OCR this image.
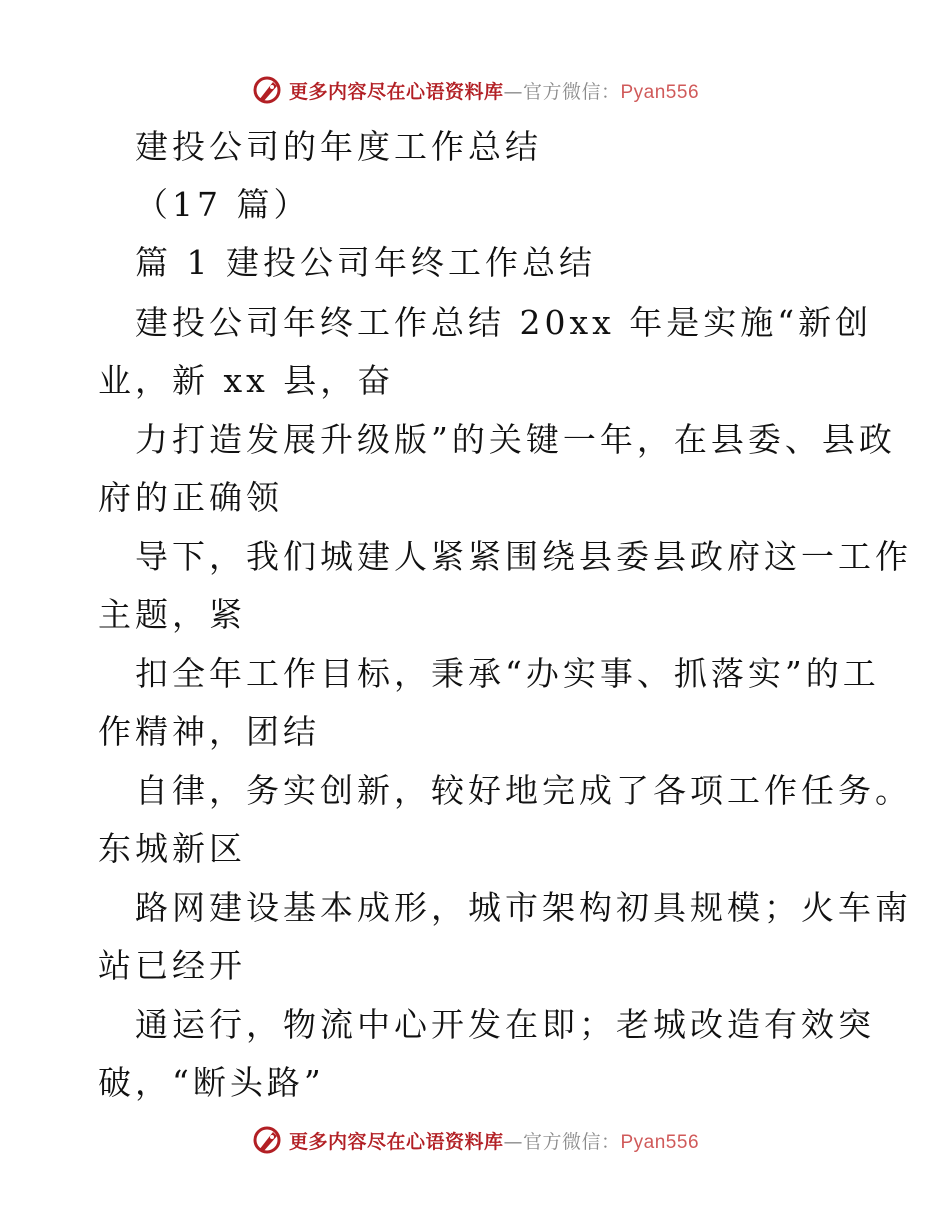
更多内容尽在心语资料库—官方微信：Pyan556
建投公司的年度工作总结
（17 篇）
篇 1 建投公司年终工作总结
建投公司年终工作总结 20xx 年是实施“新创
业，新 xx 县，奋
力打造发展升级版”的关键一年，在县委、县政
府的正确领
导下，我们城建人紧紧围绕县委县政府这一工作
主题，紧
扣全年工作目标，秉承“办实事、抓落实”的工
作精神，团结
自律，务实创新，较好地完成了各项工作任务。
东城新区
路网建设基本成形，城市架构初具规模；火车南
站已经开
通运行，物流中心开发在即；老城改造有效突
破，“断头路”
更多内容尽在心语资料库—官方微信：Pyan556
